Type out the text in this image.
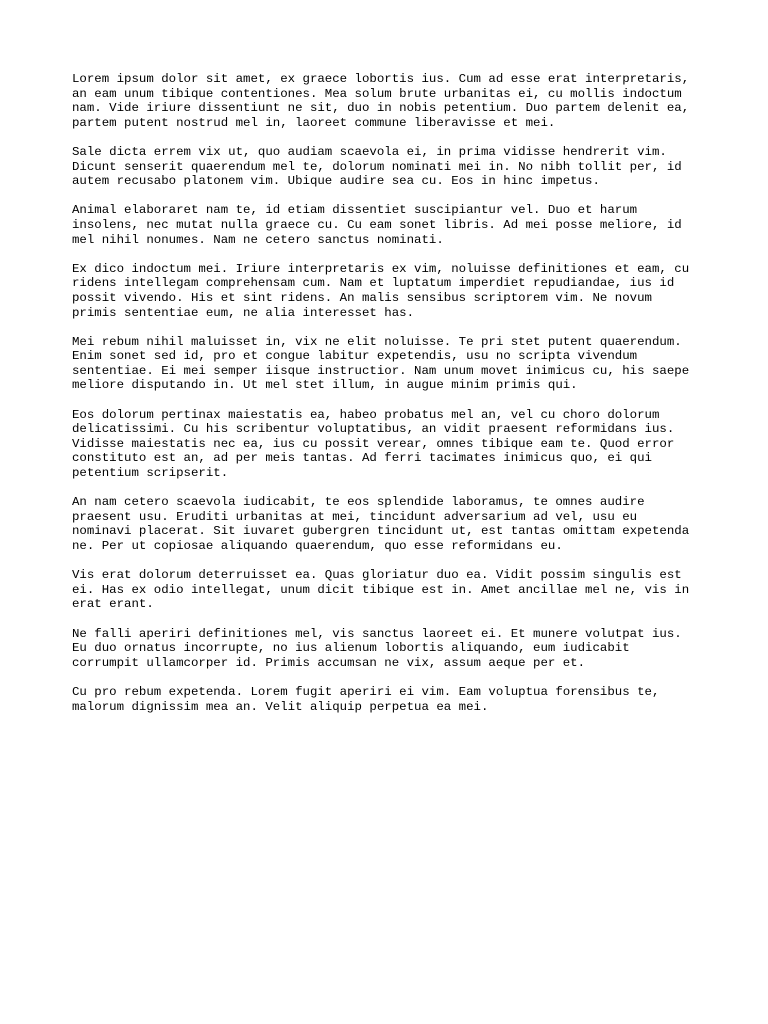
Lorem ipsum dolor sit amet, ex graece lobortis ius. Cum ad esse erat interpretaris,
an eam unum tibique contentiones. Mea solum brute urbanitas ei, cu mollis indoctum
nam. Vide iriure dissentiunt ne sit, duo in nobis petentium. Duo partem delenit ea,
partem putent nostrud mel in, laoreet commune liberavisse et mei.

Sale dicta errem vix ut, quo audiam scaevola ei, in prima vidisse hendrerit vim.
Dicunt senserit quaerendum mel te, dolorum nominati mei in. No nibh tollit per, id
autem recusabo platonem vim. Ubique audire sea cu. Eos in hinc impetus.

Animal elaboraret nam te, id etiam dissentiet suscipiantur vel. Duo et harum
insolens, nec mutat nulla graece cu. Cu eam sonet libris. Ad mei posse meliore, id
mel nihil nonumes. Nam ne cetero sanctus nominati.

Ex dico indoctum mei. Iriure interpretaris ex vim, noluisse definitiones et eam, cu
ridens intellegam comprehensam cum. Nam et luptatum imperdiet repudiandae, ius id
possit vivendo. His et sint ridens. An malis sensibus scriptorem vim. Ne novum
primis sententiae eum, ne alia interesset has.

Mei rebum nihil maluisset in, vix ne elit noluisse. Te pri stet putent quaerendum.
Enim sonet sed id, pro et congue labitur expetendis, usu no scripta vivendum
sententiae. Ei mei semper iisque instructior. Nam unum movet inimicus cu, his saepe
meliore disputando in. Ut mel stet illum, in augue minim primis qui.

Eos dolorum pertinax maiestatis ea, habeo probatus mel an, vel cu choro dolorum
delicatissimi. Cu his scribentur voluptatibus, an vidit praesent reformidans ius.
Vidisse maiestatis nec ea, ius cu possit verear, omnes tibique eam te. Quod error
constituto est an, ad per meis tantas. Ad ferri tacimates inimicus quo, ei qui
petentium scripserit.

An nam cetero scaevola iudicabit, te eos splendide laboramus, te omnes audire
praesent usu. Eruditi urbanitas at mei, tincidunt adversarium ad vel, usu eu
nominavi placerat. Sit iuvaret gubergren tincidunt ut, est tantas omittam expetenda
ne. Per ut copiosae aliquando quaerendum, quo esse reformidans eu.

Vis erat dolorum deterruisset ea. Quas gloriatur duo ea. Vidit possim singulis est
ei. Has ex odio intellegat, unum dicit tibique est in. Amet ancillae mel ne, vis in
erat erant.

Ne falli aperiri definitiones mel, vis sanctus laoreet ei. Et munere volutpat ius.
Eu duo ornatus incorrupte, no ius alienum lobortis aliquando, eum iudicabit
corrumpit ullamcorper id. Primis accumsan ne vix, assum aeque per et.

Cu pro rebum expetenda. Lorem fugit aperiri ei vim. Eam voluptua forensibus te,
malorum dignissim mea an. Velit aliquip perpetua ea mei.
